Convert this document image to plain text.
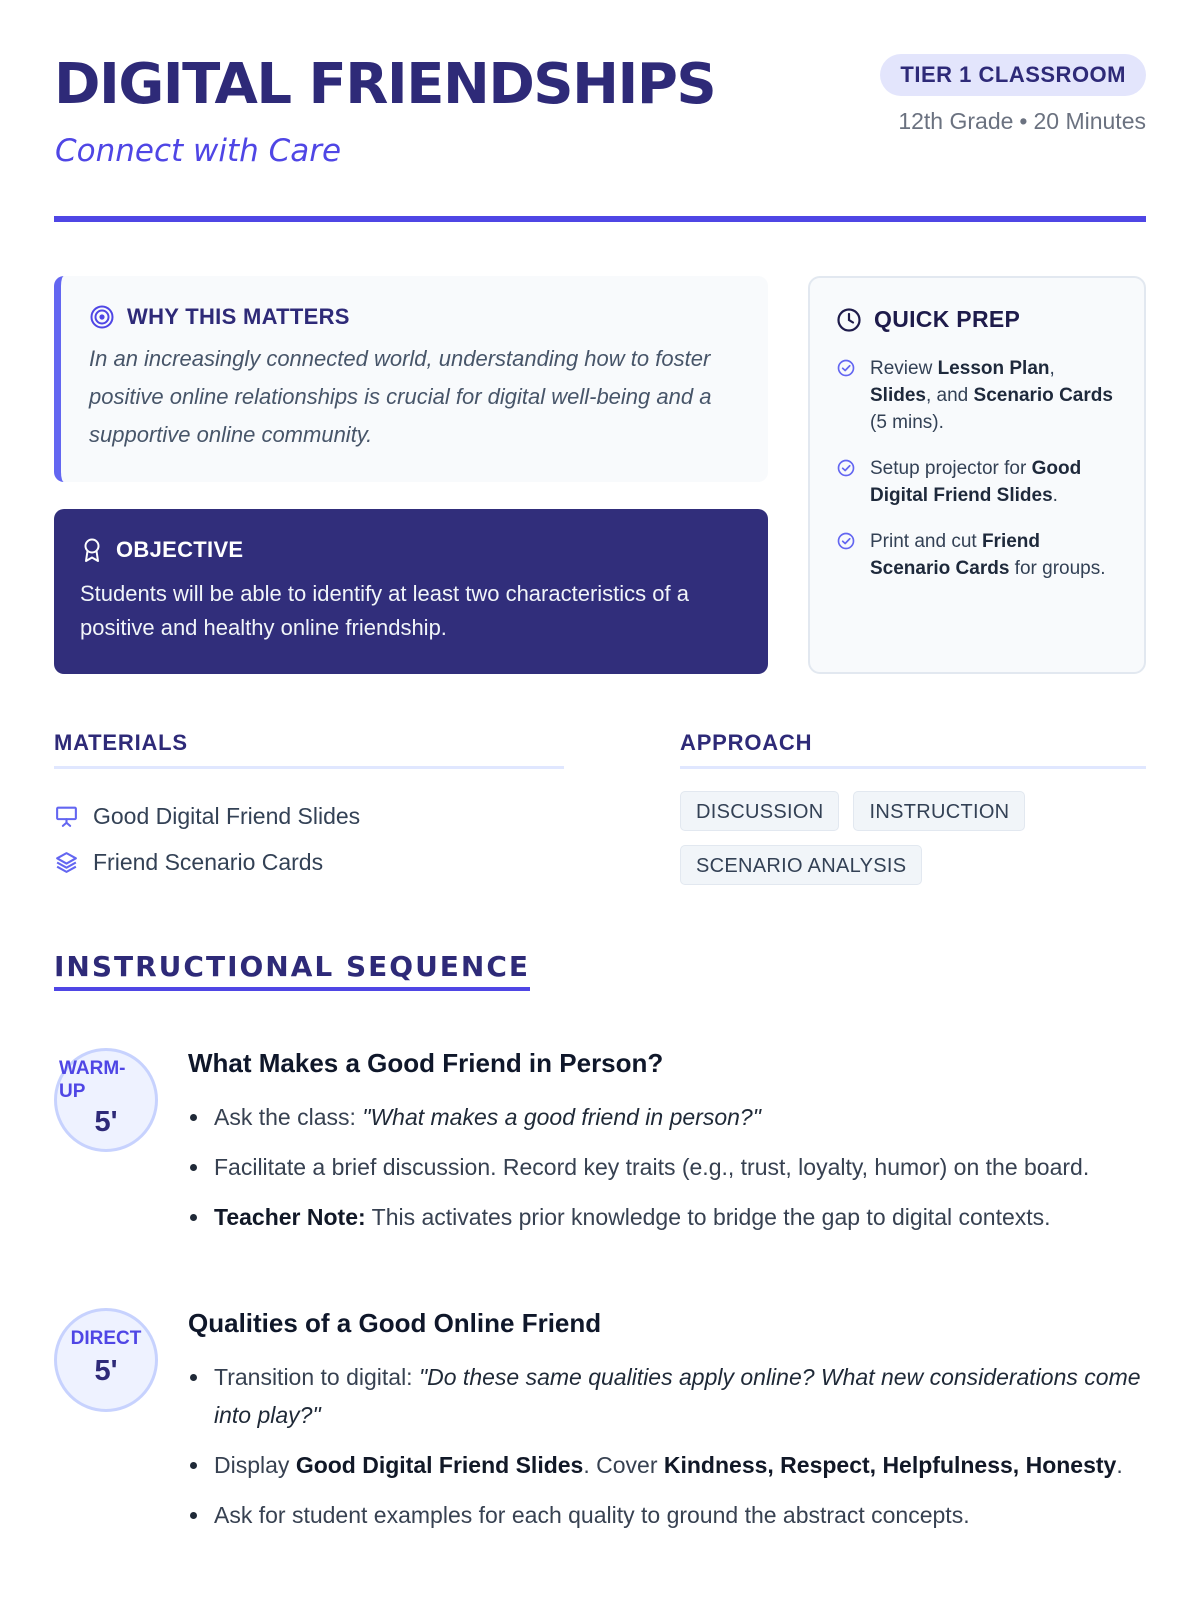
DIGITAL FRIENDSHIPS
Connect with Care
TIER 1 CLASSROOM
12th Grade • 20 Minutes
WHY THIS MATTERS
In an increasingly connected world, understanding how to foster positive online relationships is crucial for digital well-being and a supportive online community.
OBJECTIVE
Students will be able to identify at least two characteristics of a positive and healthy online friendship.
QUICK PREP
Review Lesson Plan, Slides, and Scenario Cards (5 mins).
Setup projector for Good Digital Friend Slides.
Print and cut Friend Scenario Cards for groups.
MATERIALS
Good Digital Friend Slides
Friend Scenario Cards
APPROACH
DISCUSSION	INSTRUCTION
SCENARIO ANALYSIS
INSTRUCTIONAL SEQUENCE
WARM-UP
5'
What Makes a Good Friend in Person?
Ask the class: "What makes a good friend in person?"
Facilitate a brief discussion. Record key traits (e.g., trust, loyalty, humor) on the board.
Teacher Note: This activates prior knowledge to bridge the gap to digital contexts.
DIRECT
5'
Qualities of a Good Online Friend
Transition to digital: "Do these same qualities apply online? What new considerations come into play?"
Display Good Digital Friend Slides. Cover Kindness, Respect, Helpfulness, Honesty.
Ask for student examples for each quality to ground the abstract concepts.
